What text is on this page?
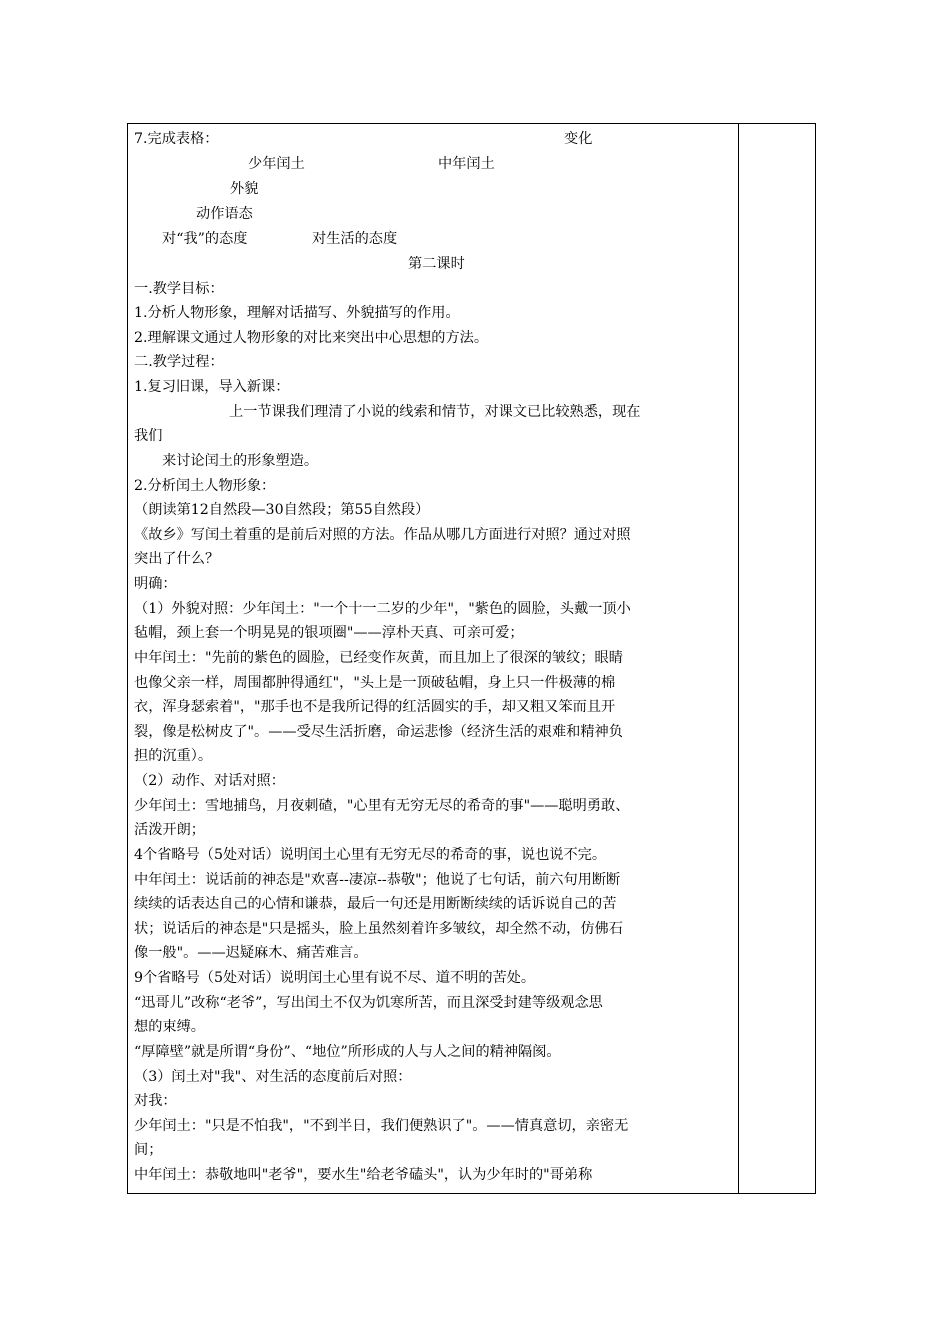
7.完成表格：	变化
少年闰土	中年闰土
外貌
动作语态
对“我”的态度	对生活的态度
第二课时
一.教学目标：
1.分析人物形象，理解对话描写、外貌描写的作用。
2.理解课文通过人物形象的对比来突出中心思想的方法。
二.教学过程：
1.复习旧课，导入新课：
上一节课我们理清了小说的线索和情节，对课文已比较熟悉，现在
我们
来讨论闰土的形象塑造。
2.分析闰土人物形象：
（朗读第12自然段—30自然段；第55自然段）
《故乡》写闰土着重的是前后对照的方法。作品从哪几方面进行对照？通过对照
突出了什么？
明确：
（1）外貌对照：少年闰土："一个十一二岁的少年"，"紫色的圆脸，头戴一顶小
毡帽，颈上套一个明晃晃的银项圈"——淳朴天真、可亲可爱；
中年闰土："先前的紫色的圆脸，已经变作灰黄，而且加上了很深的皱纹；眼睛
也像父亲一样，周围都肿得通红"，"头上是一顶破毡帽，身上只一件极薄的棉
衣，浑身瑟索着"，"那手也不是我所记得的红活圆实的手，却又粗又笨而且开
裂，像是松树皮了"。——受尽生活折磨，命运悲惨（经济生活的艰难和精神负
担的沉重）。
（2）动作、对话对照：
少年闰土：雪地捕鸟，月夜刺碴，"心里有无穷无尽的希奇的事"——聪明勇敢、
活泼开朗；
4个省略号（5处对话）说明闰土心里有无穷无尽的希奇的事，说也说不完。
中年闰土：说话前的神态是"欢喜--凄凉--恭敬"；他说了七句话，前六句用断断
续续的话表达自己的心情和谦恭，最后一句还是用断断续续的话诉说自己的苦
状；说话后的神态是"只是摇头，脸上虽然刻着许多皱纹，却全然不动，仿佛石
像一般"。——迟疑麻木、痛苦难言。
9个省略号（5处对话）说明闰土心里有说不尽、道不明的苦处。
“迅哥儿”改称“老爷”，写出闰土不仅为饥寒所苦，而且深受封建等级观念思
想的束缚。
“厚障壁”就是所谓“身份”、“地位”所形成的人与人之间的精神隔阂。
（3）闰土对"我"、对生活的态度前后对照：
对我：
少年闰土："只是不怕我"，"不到半日，我们便熟识了"。——情真意切，亲密无
间；
中年闰土：恭敬地叫"老爷"，要水生"给老爷磕头"，认为少年时的"哥弟称
